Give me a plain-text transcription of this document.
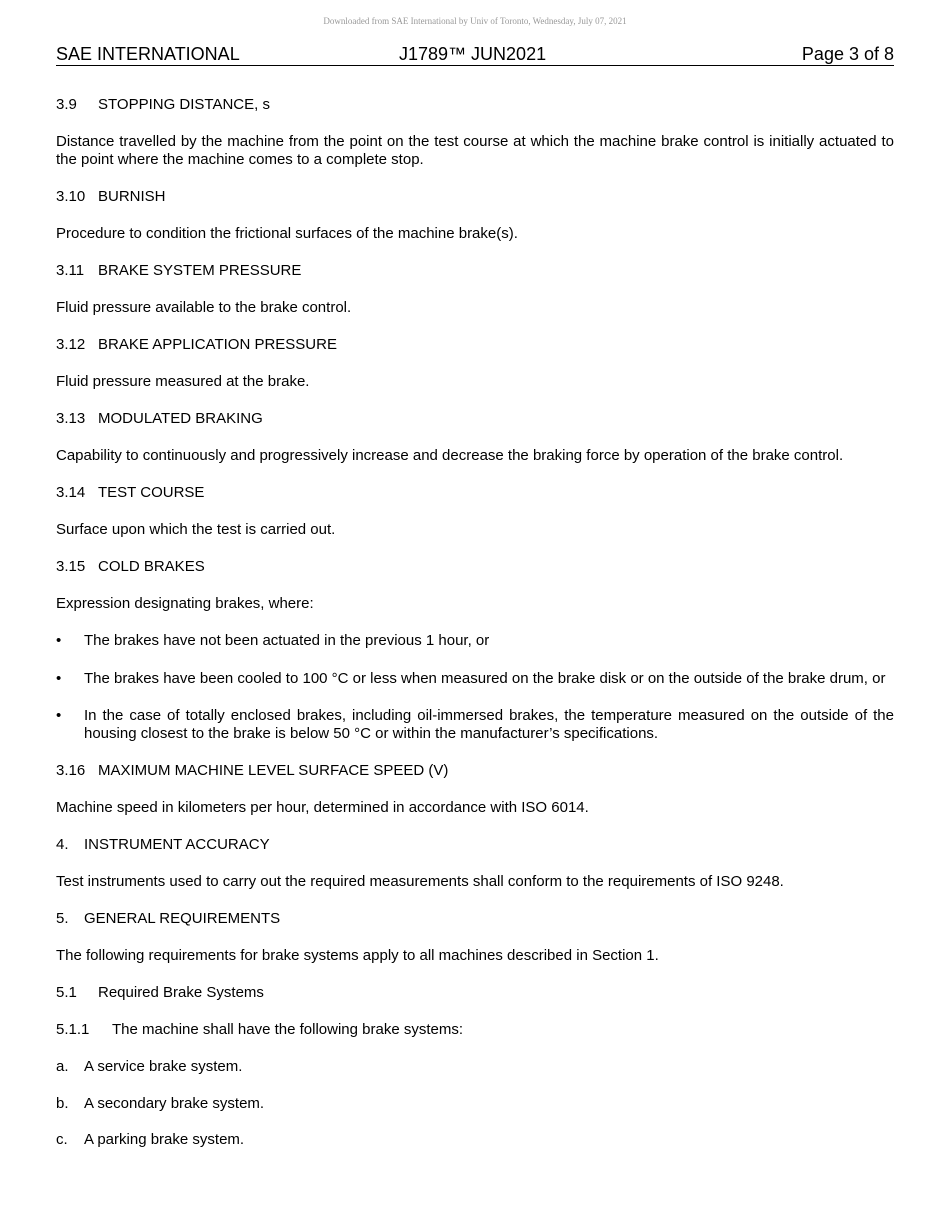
Downloaded from SAE International by Univ of Toronto, Wednesday, July 07, 2021
SAE INTERNATIONAL	J1789™ JUN2021	Page 3 of 8

3.9	STOPPING DISTANCE, s

Distance travelled by the machine from the point on the test course at which the machine brake control is initially actuated to the point where the machine comes to a complete stop.

3.10 BURNISH

Procedure to condition the frictional surfaces of the machine brake(s).

3.11 BRAKE SYSTEM PRESSURE

Fluid pressure available to the brake control.

3.12 BRAKE APPLICATION PRESSURE

Fluid pressure measured at the brake.

3.13 MODULATED BRAKING

Capability to continuously and progressively increase and decrease the braking force by operation of the brake control.

3.14 TEST COURSE

Surface upon which the test is carried out.

3.15 COLD BRAKES

Expression designating brakes, where:

•	The brakes have not been actuated in the previous 1 hour, or
•	The brakes have been cooled to 100 °C or less when measured on the brake disk or on the outside of the brake drum, or
•	In the case of totally enclosed brakes, including oil-immersed brakes, the temperature measured on the outside of the housing closest to the brake is below 50 °C or within the manufacturer’s specifications.

3.16 MAXIMUM MACHINE LEVEL SURFACE SPEED (V)

Machine speed in kilometers per hour, determined in accordance with ISO 6014.

4.	INSTRUMENT ACCURACY

Test instruments used to carry out the required measurements shall conform to the requirements of ISO 9248.

5.	GENERAL REQUIREMENTS

The following requirements for brake systems apply to all machines described in Section 1.

5.1	Required Brake Systems

5.1.1	The machine shall have the following brake systems:

a.	A service brake system.
b.	A secondary brake system.
c.	A parking brake system.
